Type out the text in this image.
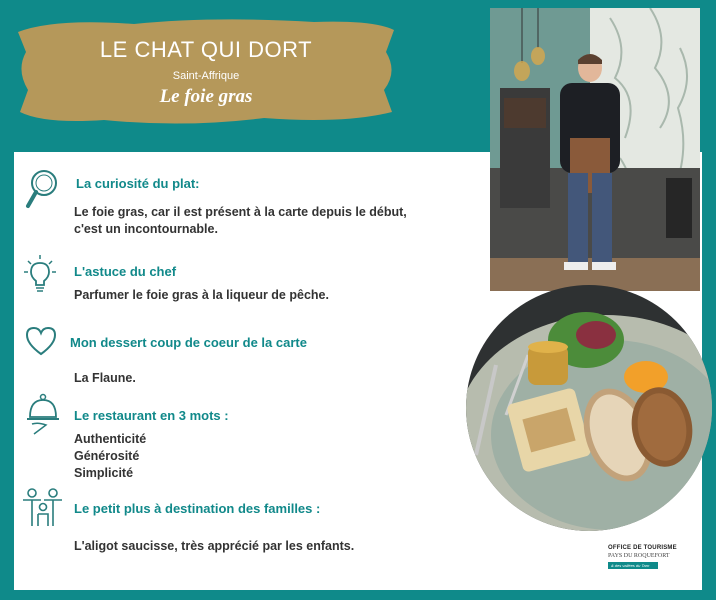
LE CHAT QUI DORT
Saint-Affrique
Le foie gras
La curiosité du plat:
Le foie gras, car il est présent à la carte depuis le début,
c'est un incontournable.
L'astuce du chef
Parfumer le foie gras à la liqueur de pêche.
Mon dessert coup de coeur de la carte
La Flaune.
Le restaurant en 3 mots :
Authenticité
Générosité
Simplicité
Le petit plus à destination des familles :
L'aligot saucisse, très apprécié par les enfants.	OFFICE DE TOURISME
PAYS DU ROQUEFORT
& des vallées du Tarn
